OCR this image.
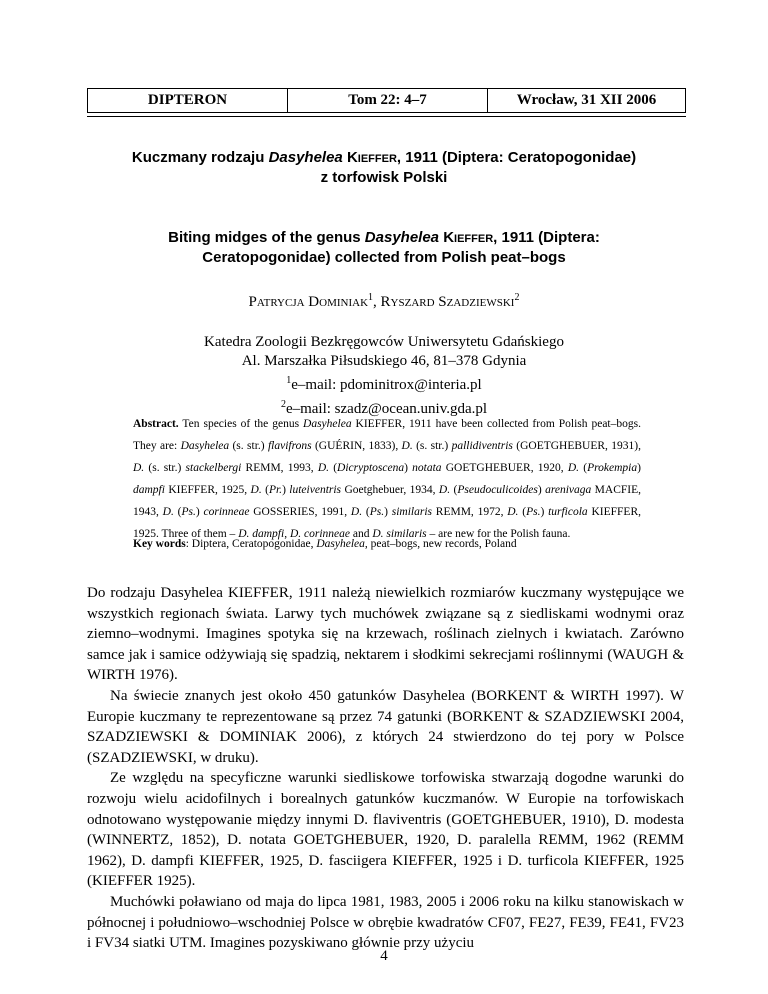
DIPTERON	Tom 22: 4–7	Wrocław, 31 XII 2006
Kuczmany rodzaju Dasyhelea Kieffer, 1911 (Diptera: Ceratopogonidae)
z torfowisk Polski
Biting midges of the genus Dasyhelea Kieffer, 1911 (Diptera:
Ceratopogonidae) collected from Polish peat–bogs
Patrycja Dominiak$^1$, Ryszard Szadziewski$^2$
Katedra Zoologii Bezkręgowców Uniwersytetu Gdańskiego
Al. Marszałka Piłsudskiego 46, 81–378 Gdynia
$^1$e–mail: pdominitrox@interia.pl
$^2$e–mail: szadz@ocean.univ.gda.pl
Abstract. Ten species of the genus Dasyhelea KIEFFER, 1911 have been collected from Polish peat–bogs. They are: Dasyhelea (s. str.) flavifrons (GUÉRIN, 1833), D. (s. str.) pallidiventris (GOETGHEBUER, 1931), D. (s. str.) stackelbergi REMM, 1993, D. (Dicryptoscena) notata GOETGHEBUER, 1920, D. (Prokempia) dampfi KIEFFER, 1925, D. (Pr.) luteiventris Goetghebuer, 1934, D. (Pseudoculicoides) arenivaga MACFIE, 1943, D. (Ps.) corinneae GOSSERIES, 1991, D. (Ps.) similaris REMM, 1972, D. (Ps.) turficola KIEFFER, 1925. Three of them – D. dampfi, D. corinneae and D. similaris – are new for the Polish fauna.
Key words: Diptera, Ceratopogonidae, Dasyhelea, peat–bogs, new records, Poland

Do rodzaju Dasyhelea KIEFFER, 1911 należą niewielkich rozmiarów kuczmany występujące we wszystkich regionach świata. Larwy tych muchówek związane są z siedliskami wodnymi oraz ziemno–wodnymi. Imagines spotyka się na krzewach, roślinach zielnych i kwiatach. Zarówno samce jak i samice odżywiają się spadzią, nektarem i słodkimi sekrecjami roślinnymi (WAUGH & WIRTH 1976).

Na świecie znanych jest około 450 gatunków Dasyhelea (BORKENT & WIRTH 1997). W Europie kuczmany te reprezentowane są przez 74 gatunki (BORKENT & SZADZIEWSKI 2004, SZADZIEWSKI & DOMINIAK 2006), z których 24 stwierdzono do tej pory w Polsce (SZADZIEWSKI, w druku).

Ze względu na specyficzne warunki siedliskowe torfowiska stwarzają dogodne warunki do rozwoju wielu acidofilnych i borealnych gatunków kuczmanów. W Europie na torfowiskach odnotowano występowanie między innymi D. flaviventris (GOETGHEBUER, 1910), D. modesta (WINNERTZ, 1852), D. notata GOETGHEBUER, 1920, D. paralella REMM, 1962 (REMM 1962), D. dampfi KIEFFER, 1925, D. fasciigera KIEFFER, 1925 i D. turficola KIEFFER, 1925 (KIEFFER 1925).

Muchówki poławiano od maja do lipca 1981, 1983, 2005 i 2006 roku na kilku stanowiskach w północnej i południowo–wschodniej Polsce w obrębie kwadratów CF07, FE27, FE39, FE41, FV23 i FV34 siatki UTM. Imagines pozyskiwano głównie przy użyciu

4
